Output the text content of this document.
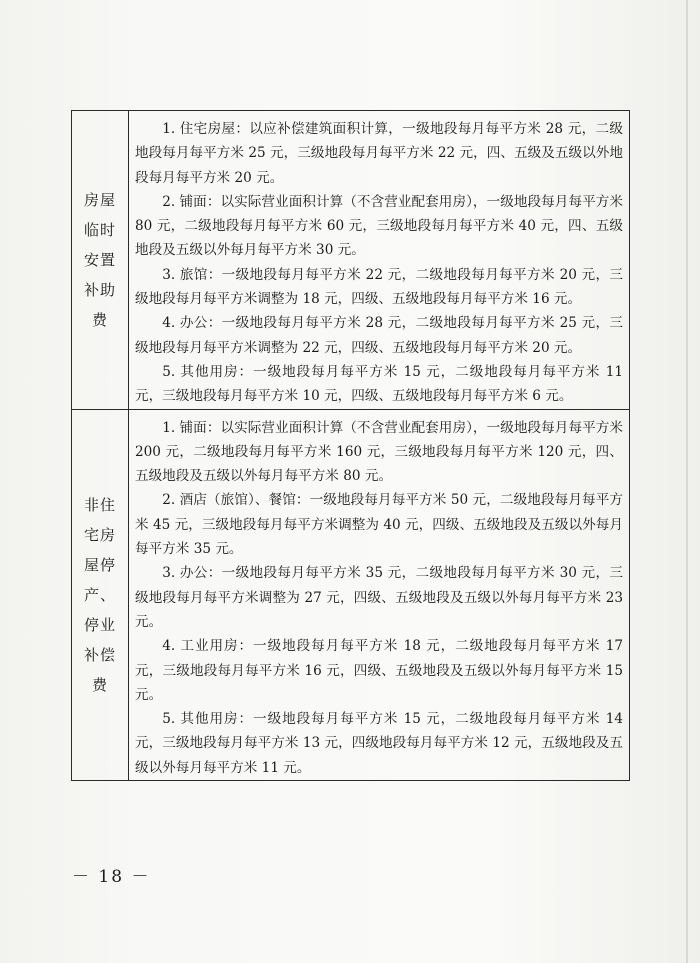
房屋临时安置补助费	1. 住宅房屋：以应补偿建筑面积计算，一级地段每月每平方米 28 元，二级地段每月每平方米 25 元，三级地段每月每平方米 22 元，四、五级及五级以外地段每月每平方米 20 元。

2. 铺面：以实际营业面积计算（不含营业配套用房），一级地段每月每平方米 80 元，二级地段每月每平方米 60 元，三级地段每月每平方米 40 元，四、五级地段及五级以外每月每平方米 30 元。

3. 旅馆：一级地段每月每平方米 22 元，二级地段每月每平方米 20 元，三级地段每月每平方米调整为 18 元，四级、五级地段每月每平方米 16 元。

4. 办公：一级地段每月每平方米 28 元，二级地段每月每平方米 25 元，三级地段每月每平方米调整为 22 元，四级、五级地段每月每平方米 20 元。

5. 其他用房：一级地段每月每平方米 15 元，二级地段每月每平方米 11 元，三级地段每月每平方米 10 元，四级、五级地段每月每平方米 6 元。

非住宅房屋停产、停业补偿费	1. 铺面：以实际营业面积计算（不含营业配套用房），一级地段每月每平方米 200 元，二级地段每月每平方米 160 元，三级地段每月每平方米 120 元，四、五级地段及五级以外每月每平方米 80 元。

2. 酒店（旅馆）、餐馆：一级地段每月每平方米 50 元，二级地段每月每平方米 45 元，三级地段每月每平方米调整为 40 元，四级、五级地段及五级以外每月每平方米 35 元。

3. 办公：一级地段每月每平方米 35 元，二级地段每月每平方米 30 元，三级地段每月每平方米调整为 27 元，四级、五级地段及五级以外每月每平方米 23 元。

4. 工业用房：一级地段每月每平方米 18 元，二级地段每月每平方米 17 元，三级地段每月每平方米 16 元，四级、五级地段及五级以外每月每平方米 15 元。

5. 其他用房：一级地段每月每平方米 15 元，二级地段每月每平方米 14 元，三级地段每月每平方米 13 元，四级地段每月每平方米 12 元，五级地段及五级以外每月每平方米 11 元。

－ 18 －
